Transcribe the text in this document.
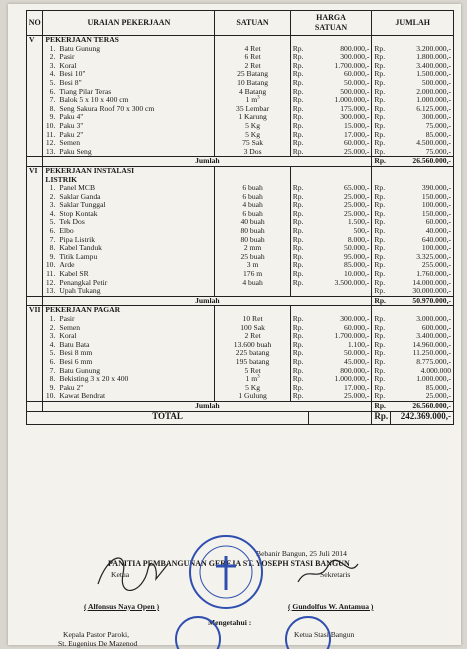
NO	URAIAN PEKERJAAN		SATUAN	HARGA SATUAN		JUMLAH	
V	PEKERJAAN TERAS						

	1.	Batu Gunung	4 Ret	Rp.	800.000,-	Rp.	3.200.000,-
	2.	Pasir	6 Ret	Rp.	300.000,-	Rp.	1.800.000,-
	3.	Koral	2 Ret	Rp.	1.700.000,-	Rp.	3.400.000,-
	4.	Besi 10"	25 Batang	Rp.	60.000,-	Rp.	1.500.000,-
	5.	Besi 8"	10 Batang	Rp.	50.000,-	Rp.	500.000,-
	6.	Tiang Pilar Teras	4 Batang	Rp.	500.000,-	Rp.	2.000.000,-
	7.	Balok 5 x 10 x 400 cm	1 $m^3$	Rp.	1.000.000,-	Rp.	1.000.000,-
	8.	Seng Sakura Roof 70 x 300 cm	35 Lembar	Rp.	175.000,-	Rp.	6.125.000,-
	9.	Paku 4"	1 Karung	Rp.	300.000,-	Rp.	300.000,-
	10.	Paku 3"	5 Kg	Rp.	15.000,-	Rp.	75.000,-
	11.	Paku 2"	5 Kg	Rp.	17.000,-	Rp.	85.000,-
	12.	Semen	75 Sak	Rp.	60.000,-	Rp.	4.500.000,-
	13.	Paku Seng	3 Dos	Rp.	25.000,-	Rp.	75.000,-
	Jumlah					Rp.	26.560.000,-
VI	PEKERJAAN INSTALASI
LISTRIK						

	1.	Panel MCB	6 buah	Rp.	65.000,-	Rp.	390.000,-
	2.	Saklar Ganda	6 buah	Rp.	25.000,-	Rp.	150.000,-
	3.	Saklar Tunggal	4 buah	Rp.	25.000,-	Rp.	100.000,-
	4.	Stop Kontak	6 buah	Rp.	25.000,-	Rp.	150.000,-
	5.	Tek Dos	40 buah	Rp.	1.500,-	Rp.	60.000,-
	6.	Elbo	80 buah	Rp.	500,-	Rp.	40.000,-
	7.	Pipa Listrik	80 buah	Rp.	8.000,-	Rp.	640.000,-
	8.	Kabel Tanduk	2 mm	Rp.	50.000,-	Rp.	100.000,-
	9.	Titik Lampu	25 buah	Rp.	95.000,-	Rp.	3.325.000,-
	10.	Arde	3 m	Rp.	85.000,-	Rp.	255.000,-
	11.	Kabel SR	176 m	Rp.	10.000,-	Rp.	1.760.000,-
	12.	Penangkal Petir	4 buah	Rp.	3.500.000,-	Rp.	14.000.000,-
	13.	Upah Tukang				Rp.	30.000.000,-
	Jumlah					Rp.	50.970.000,-
VII	PEKERJAAN PAGAR						

	1.	Pasir	10 Ret	Rp.	300.000,-	Rp.	3.000.000,-
	2.	Semen	100 Sak	Rp.	60.000,-	Rp.	600.000,-
	3.	Koral	2 Ret	Rp.	1.700.000,-	Rp.	3.400.000,-
	4.	Batu Bata	13.600 buah	Rp.	1.100,-	Rp.	14.960.000,-
	5.	Besi 8 mm	225 batang	Rp.	50.000,-	Rp.	11.250.000,-
	6.	Besi 6 mm	195 batang	Rp.	45.000,-	Rp.	8.775.000,-
	7.	Batu Gunung	5 Ret	Rp.	800.000,-	Rp.	4.000.000
	8.	Bekisting 3 x 20 x 400	1 $m^3$	Rp.	1.000.000,-	Rp.	1.000.000,-
	9.	Paku 2"	5 Kg	Rp.	17.000,-	Rp.	85.000,-
	10.	Kawat Bendrat	1 Gulung	Rp.	25.000,-	Rp.	25.000,-
	Jumlah					Rp.	26.560.000,-
TOTAL						Rp.	242.369.000,-
Bebanir Bangun, 25 Juli 2014
PANITIA PEMBANGUNAN GEREJA ST. YOSEPH STASI BANGUN
Ketua	Sekretaris
( Alfonsus Naya Open )	( Gundolfus W. Antamua )
Mengetahui :
Kepala Pastor Paroki,
St. Eugenius De Mazenod
Ketua Stasi Bangun
